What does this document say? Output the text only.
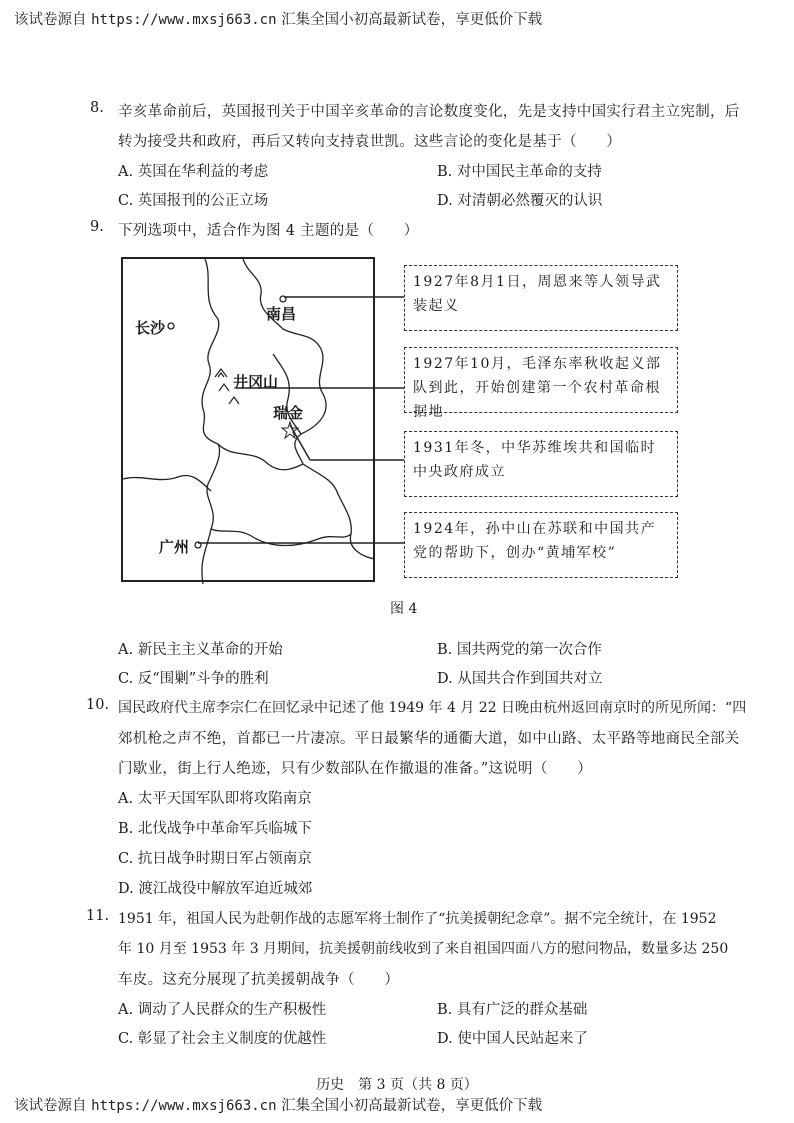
该试卷源自 https://www.mxsj663.cn 汇集全国小初高最新试卷，享更低价下载
8. 辛亥革命前后，英国报刊关于中国辛亥革命的言论数度变化，先是支持中国实行君主立宪制，后
转为接受共和政府，再后又转向支持袁世凯。这些言论的变化是基于（　　）
A. 英国在华利益的考虑	B. 对中国民主革命的支持
C. 英国报刊的公正立场	D. 对清朝必然覆灭的认识
9. 下列选项中，适合作为图 4 主题的是（　　）
南昌
长沙
井冈山
瑞金
广州
1927年8月1日，周恩来等人领导武装起义
1927年10月，毛泽东率秋收起义部队到此，开始创建第一个农村革命根据地
1931年冬，中华苏维埃共和国临时中央政府成立
1924年，孙中山在苏联和中国共产党的帮助下，创办“黄埔军校”
图 4
A. 新民主主义革命的开始	B. 国共两党的第一次合作
C. 反“围剿”斗争的胜利	D. 从国共合作到国共对立
10. 国民政府代主席李宗仁在回忆录中记述了他 1949 年 4 月 22 日晚由杭州返回南京时的所见所闻：“四
郊机枪之声不绝，首都已一片凄凉。平日最繁华的通衢大道，如中山路、太平路等地商民全部关
门歇业，街上行人绝迹，只有少数部队在作撤退的准备。”这说明（　　）
A. 太平天国军队即将攻陷南京
B. 北伐战争中革命军兵临城下
C. 抗日战争时期日军占领南京
D. 渡江战役中解放军迫近城郊
11. 1951 年，祖国人民为赴朝作战的志愿军将士制作了“抗美援朝纪念章”。据不完全统计，在 1952
年 10 月至 1953 年 3 月期间，抗美援朝前线收到了来自祖国四面八方的慰问物品，数量多达 250
车皮。这充分展现了抗美援朝战争（　　）
A. 调动了人民群众的生产积极性	B. 具有广泛的群众基础
C. 彰显了社会主义制度的优越性	D. 使中国人民站起来了
历史　第 3 页（共 8 页）
该试卷源自 https://www.mxsj663.cn 汇集全国小初高最新试卷，享更低价下载
